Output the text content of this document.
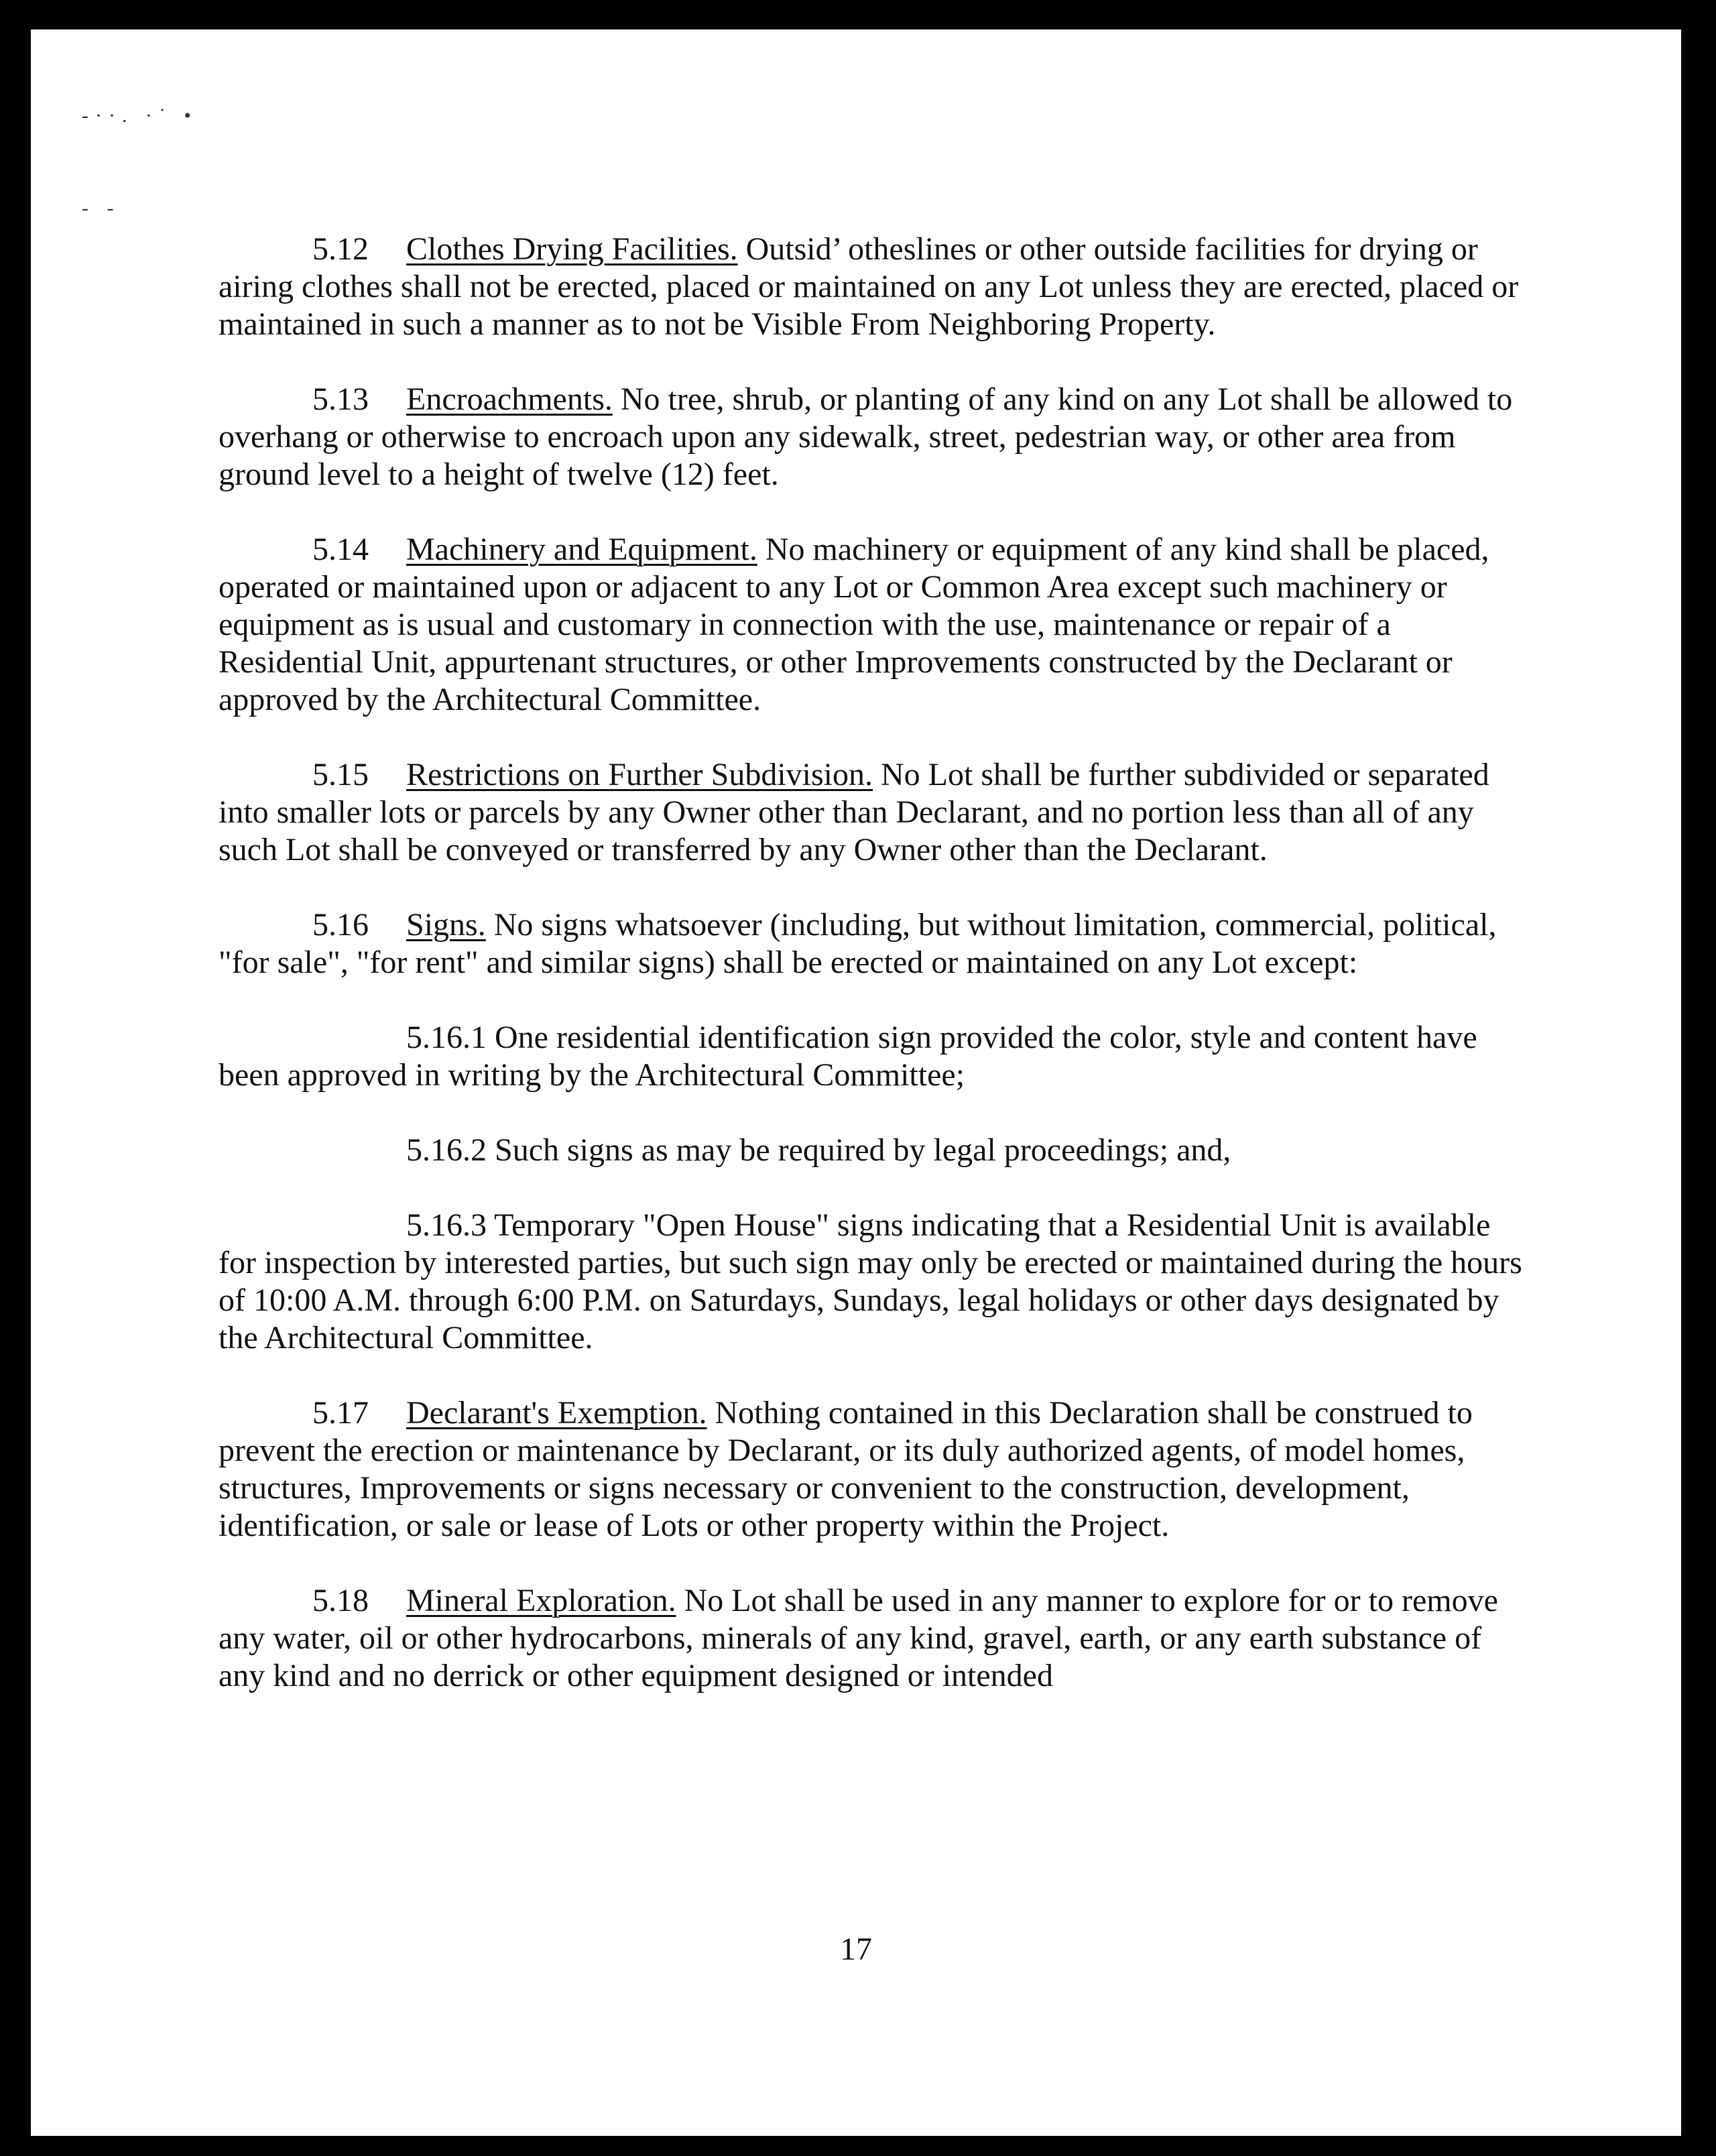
-··. ·˙ •
- -

5.12 Clothes Drying Facilities. Outsid’ otheslines or other outside facilities for drying or airing clothes shall not be erected, placed or maintained on any Lot unless they are erected, placed or maintained in such a manner as to not be Visible From Neighboring Property.

5.13 Encroachments. No tree, shrub, or planting of any kind on any Lot shall be allowed to overhang or otherwise to encroach upon any sidewalk, street, pedestrian way, or other area from ground level to a height of twelve (12) feet.

5.14 Machinery and Equipment. No machinery or equipment of any kind shall be placed, operated or maintained upon or adjacent to any Lot or Common Area except such machinery or equipment as is usual and customary in connection with the use, maintenance or repair of a Residential Unit, appurtenant structures, or other Improvements constructed by the Declarant or approved by the Architectural Committee.

5.15 Restrictions on Further Subdivision. No Lot shall be further subdivided or separated into smaller lots or parcels by any Owner other than Declarant, and no portion less than all of any such Lot shall be conveyed or transferred by any Owner other than the Declarant.

5.16 Signs. No signs whatsoever (including, but without limitation, commercial, political, "for sale", "for rent" and similar signs) shall be erected or maintained on any Lot except:

5.16.1 One residential identification sign provided the color, style and content have been approved in writing by the Architectural Committee;

5.16.2 Such signs as may be required by legal proceedings; and,

5.16.3 Temporary "Open House" signs indicating that a Residential Unit is available for inspection by interested parties, but such sign may only be erected or maintained during the hours of 10:00 A.M. through 6:00 P.M. on Saturdays, Sundays, legal holidays or other days designated by the Architectural Committee.

5.17 Declarant's Exemption. Nothing contained in this Declaration shall be construed to prevent the erection or maintenance by Declarant, or its duly authorized agents, of model homes, structures, Improvements or signs necessary or convenient to the construction, development, identification, or sale or lease of Lots or other property within the Project.

5.18 Mineral Exploration. No Lot shall be used in any manner to explore for or to remove any water, oil or other hydrocarbons, minerals of any kind, gravel, earth, or any earth substance of any kind and no derrick or other equipment designed or intended

17
